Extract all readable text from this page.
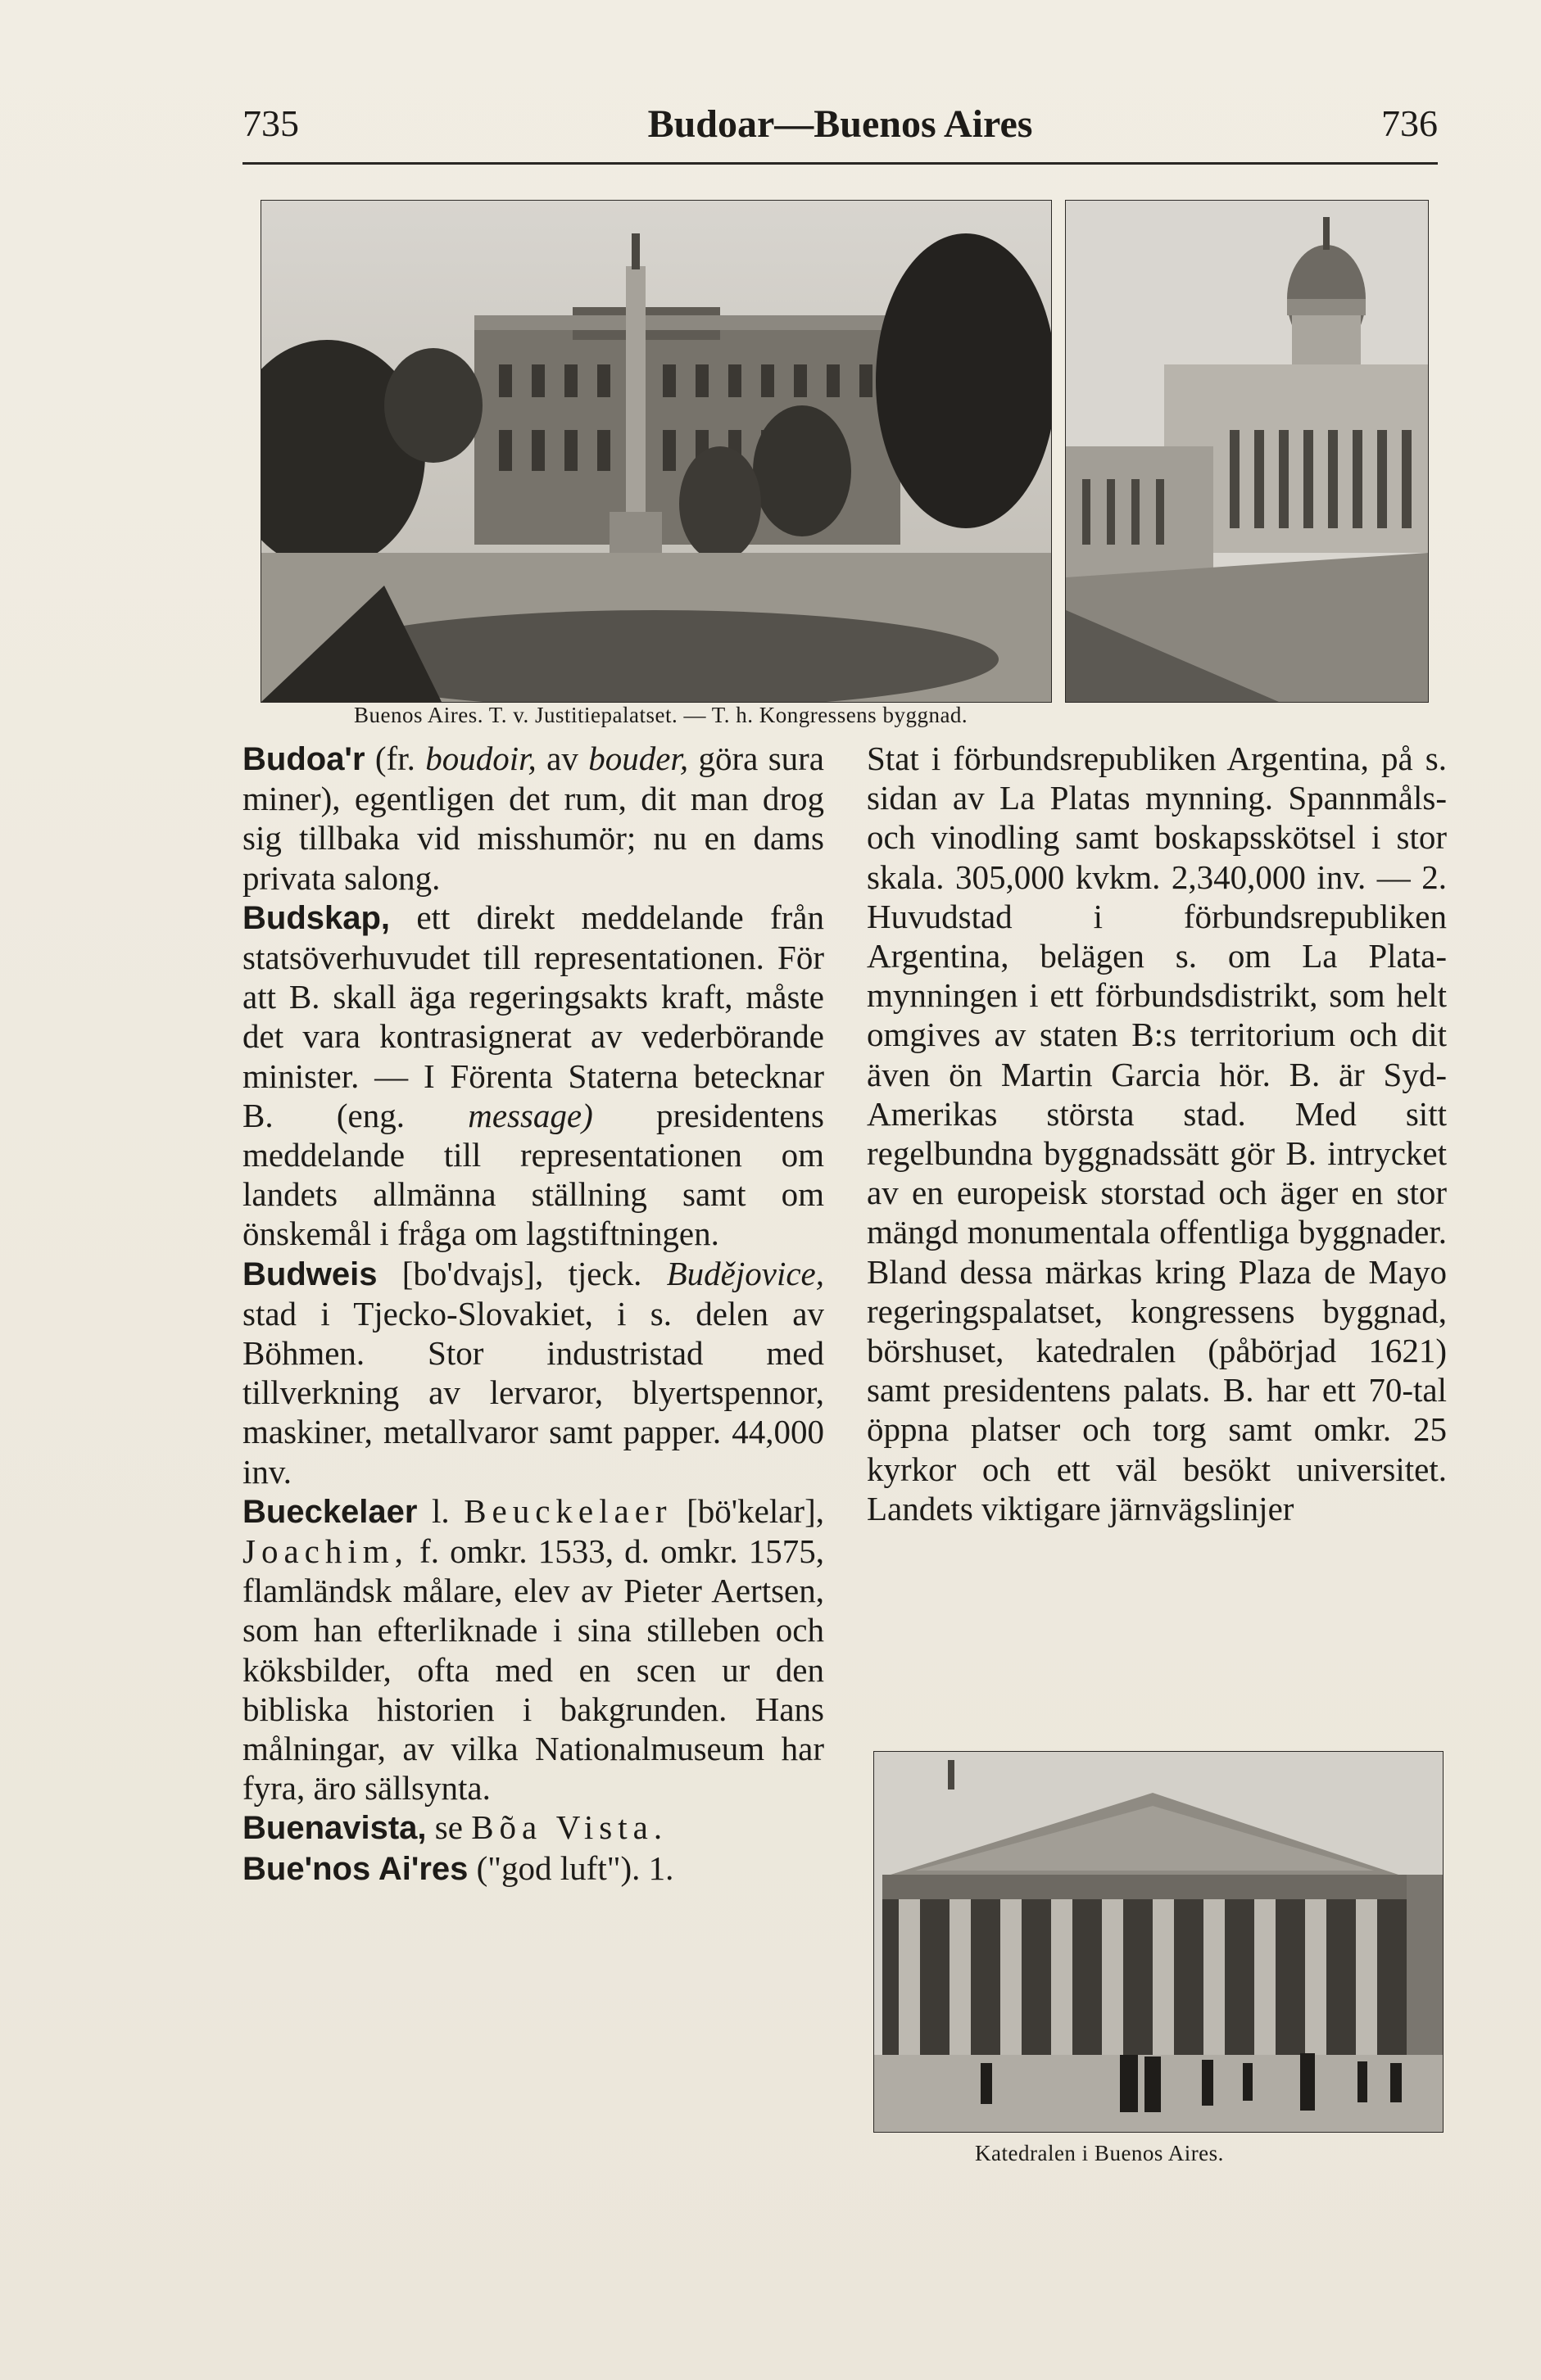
735	Budoar—Buenos Aires	736
Buenos Aires. T. v. Justitiepalatset. — T. h. Kongressens byggnad.

Budoa'r (fr. boudoir, av bouder, göra sura miner), egentligen det rum, dit man drog sig tillbaka vid misshumör; nu en dams privata salong.

Budskap, ett direkt meddelande från statsöverhuvudet till representationen. För att B. skall äga regeringsakts kraft, måste det vara kontrasignerat av vederbörande minister. — I Förenta Staterna betecknar B. (eng. message) presidentens meddelande till representationen om landets allmänna ställning samt om önskemål i fråga om lagstiftningen.

Budweis [bo'dvajs], tjeck. Budějovice, stad i Tjecko-Slovakiet, i s. delen av Böhmen. Stor industristad med tillverkning av lervaror, blyertspennor, maskiner, metallvaror samt papper. 44,000 inv.

Bueckelaer l. Beuckelaer [bö'kelar], Joachim, f. omkr. 1533, d. omkr. 1575, flamländsk målare, elev av Pieter Aertsen, som han efterliknade i sina stilleben och köksbilder, ofta med en scen ur den bibliska historien i bakgrunden. Hans målningar, av vilka Nationalmuseum har fyra, äro sällsynta.

Buenavista, se Bõa Vista.

Bue'nos Ai'res ("god luft"). 1.

Stat i förbundsrepubliken Argentina, på s. sidan av La Platas mynning. Spannmåls- och vinodling samt boskapsskötsel i stor skala. 305,000 kvkm. 2,340,000 inv. — 2. Huvudstad i förbundsrepubliken Argentina, belägen s. om La Plata-mynningen i ett förbundsdistrikt, som helt omgives av staten B:s territorium och dit även ön Martin Garcia hör. B. är Syd-Amerikas största stad. Med sitt regelbundna byggnadssätt gör B. intrycket av en europeisk storstad och äger en stor mängd monumentala offentliga byggnader. Bland dessa märkas kring Plaza de Mayo regeringspalatset, kongressens byggnad, börshuset, katedralen (påbörjad 1621) samt presidentens palats. B. har ett 70-tal öppna platser och torg samt omkr. 25 kyrkor och ett väl besökt universitet. Landets viktigare järnvägslinjer

Katedralen i Buenos Aires.
